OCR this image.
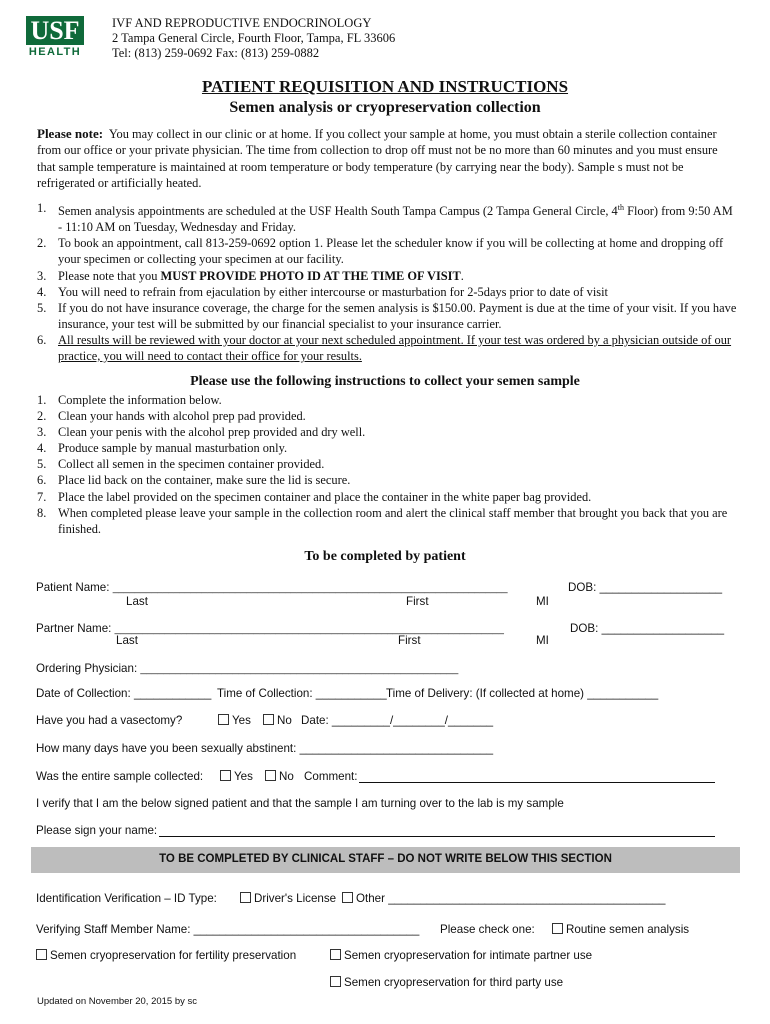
USF
HEALTH
IVF AND REPRODUCTIVE ENDOCRINOLOGY
2 Tampa General Circle, Fourth Floor, Tampa, FL 33606
Tel: (813) 259-0692 Fax: (813) 259-0882
PATIENT REQUISITION AND INSTRUCTIONS
Semen analysis or cryopreservation collection
Please note: You may collect in our clinic or at home. If you collect your sample at home, you must obtain a sterile collection container from our office or your private physician. The time from collection to drop off must not be no more than 60 minutes and you must ensure that sample temperature is maintained at room temperature or body temperature (by carrying near the body). Sample s must not be refrigerated or artificially heated.
1. Semen analysis appointments are scheduled at the USF Health South Tampa Campus (2 Tampa General Circle, 4th Floor) from 9:50 AM - 11:10 AM on Tuesday, Wednesday and Friday.
2. To book an appointment, call 813-259-0692 option 1. Please let the scheduler know if you will be collecting at home and dropping off your specimen or collecting your specimen at our facility.
3. Please note that you MUST PROVIDE PHOTO ID AT THE TIME OF VISIT.
4. You will need to refrain from ejaculation by either intercourse or masturbation for 2-5days prior to date of visit
5. If you do not have insurance coverage, the charge for the semen analysis is $150.00. Payment is due at the time of your visit. If you have insurance, your test will be submitted by our financial specialist to your insurance carrier.
6. All results will be reviewed with your doctor at your next scheduled appointment. If your test was ordered by a physician outside of our practice, you will need to contact their office for your results.
Please use the following instructions to collect your semen sample
1. Complete the information below.
2. Clean your hands with alcohol prep pad provided.
3. Clean your penis with the alcohol prep provided and dry well.
4. Produce sample by manual masturbation only.
5. Collect all semen in the specimen container provided.
6. Place lid back on the container, make sure the lid is secure.
7. Place the label provided on the specimen container and place the container in the white paper bag provided.
8. When completed please leave your sample in the collection room and alert the clinical staff member that brought you back that you are finished.
To be completed by patient
Patient Name: _______________________________________________________________________	DOB: ___________________
Last	First	MI
Partner Name: ______________________________________________________________________	DOB: ___________________
Last	First	MI
Ordering Physician: _______________________________________________________
Date of Collection: ____________ Time of Collection: ___________ Time of Delivery: (If collected at home) ___________
Have you had a vasectomy?	Yes	No Date: _________/________/_______
How many days have you been sexually abstinent: ______________________________
Was the entire sample collected:	Yes	No Comment:
I verify that I am the below signed patient and that the sample I am turning over to the lab is my sample
Please sign your name:
TO BE COMPLETED BY CLINICAL STAFF – DO NOT WRITE BELOW THIS SECTION
Identification Verification – ID Type:	Driver's License	Other ___________________________________________
Verifying Staff Member Name: ___________________________________ Please check one:	Routine semen analysis
Semen cryopreservation for fertility preservation	Semen cryopreservation for intimate partner use
Semen cryopreservation for third party use
Updated on November 20, 2015 by sc
